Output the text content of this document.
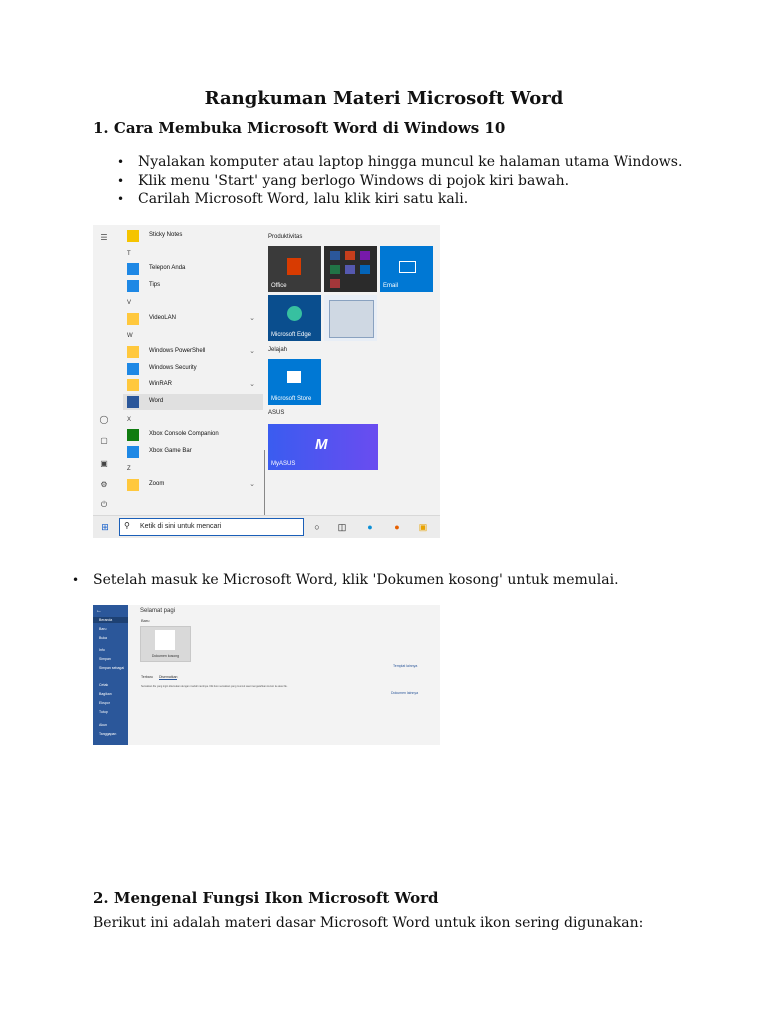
Rangkuman Materi Microsoft Word
1. Cara Membuka Microsoft Word di Windows 10
• Nyalakan komputer atau laptop hingga muncul ke halaman utama Windows.
• Klik menu 'Start' yang berlogo Windows di pojok kiri bawah.
• Carilah Microsoft Word, lalu klik kiri satu kali.
☰
◯
▢
▣
⚙
⏻
Sticky Notes
T
Telepon Anda
Tips
V
VideoLAN	⌄
W
Windows PowerShell	⌄
Windows Security
WinRAR	⌄
Word
X
Xbox Console Companion
Xbox Game Bar
Z
Zoom	⌄
Produktivitas
Office	Email
Microsoft Edge
Jelajah
Microsoft Store
ASUS
M
MyASUS
⊞	⚲ Ketik di sini untuk mencari	○	◫	●	●	▣
• Setelah masuk ke Microsoft Word, klik 'Dokumen kosong' untuk memulai.
←
Beranda
Baru
Buka
Info
Simpan
Simpan sebagai
Cetak
Bagikan
Ekspor
Tutup
Akun
Tanggapan
Selamat pagi
Baru
Dokumen kosong
Templat lainnya
Terbaru Disematkan
Sematkan file yang ingin ditemukan dengan mudah nantinya. Klik ikon sematkan yang muncul saat mengarahkan kursor ke atas file.
Dokumen lainnya
2. Mengenal Fungsi Ikon Microsoft Word
Berikut ini adalah materi dasar Microsoft Word untuk ikon sering digunakan:
